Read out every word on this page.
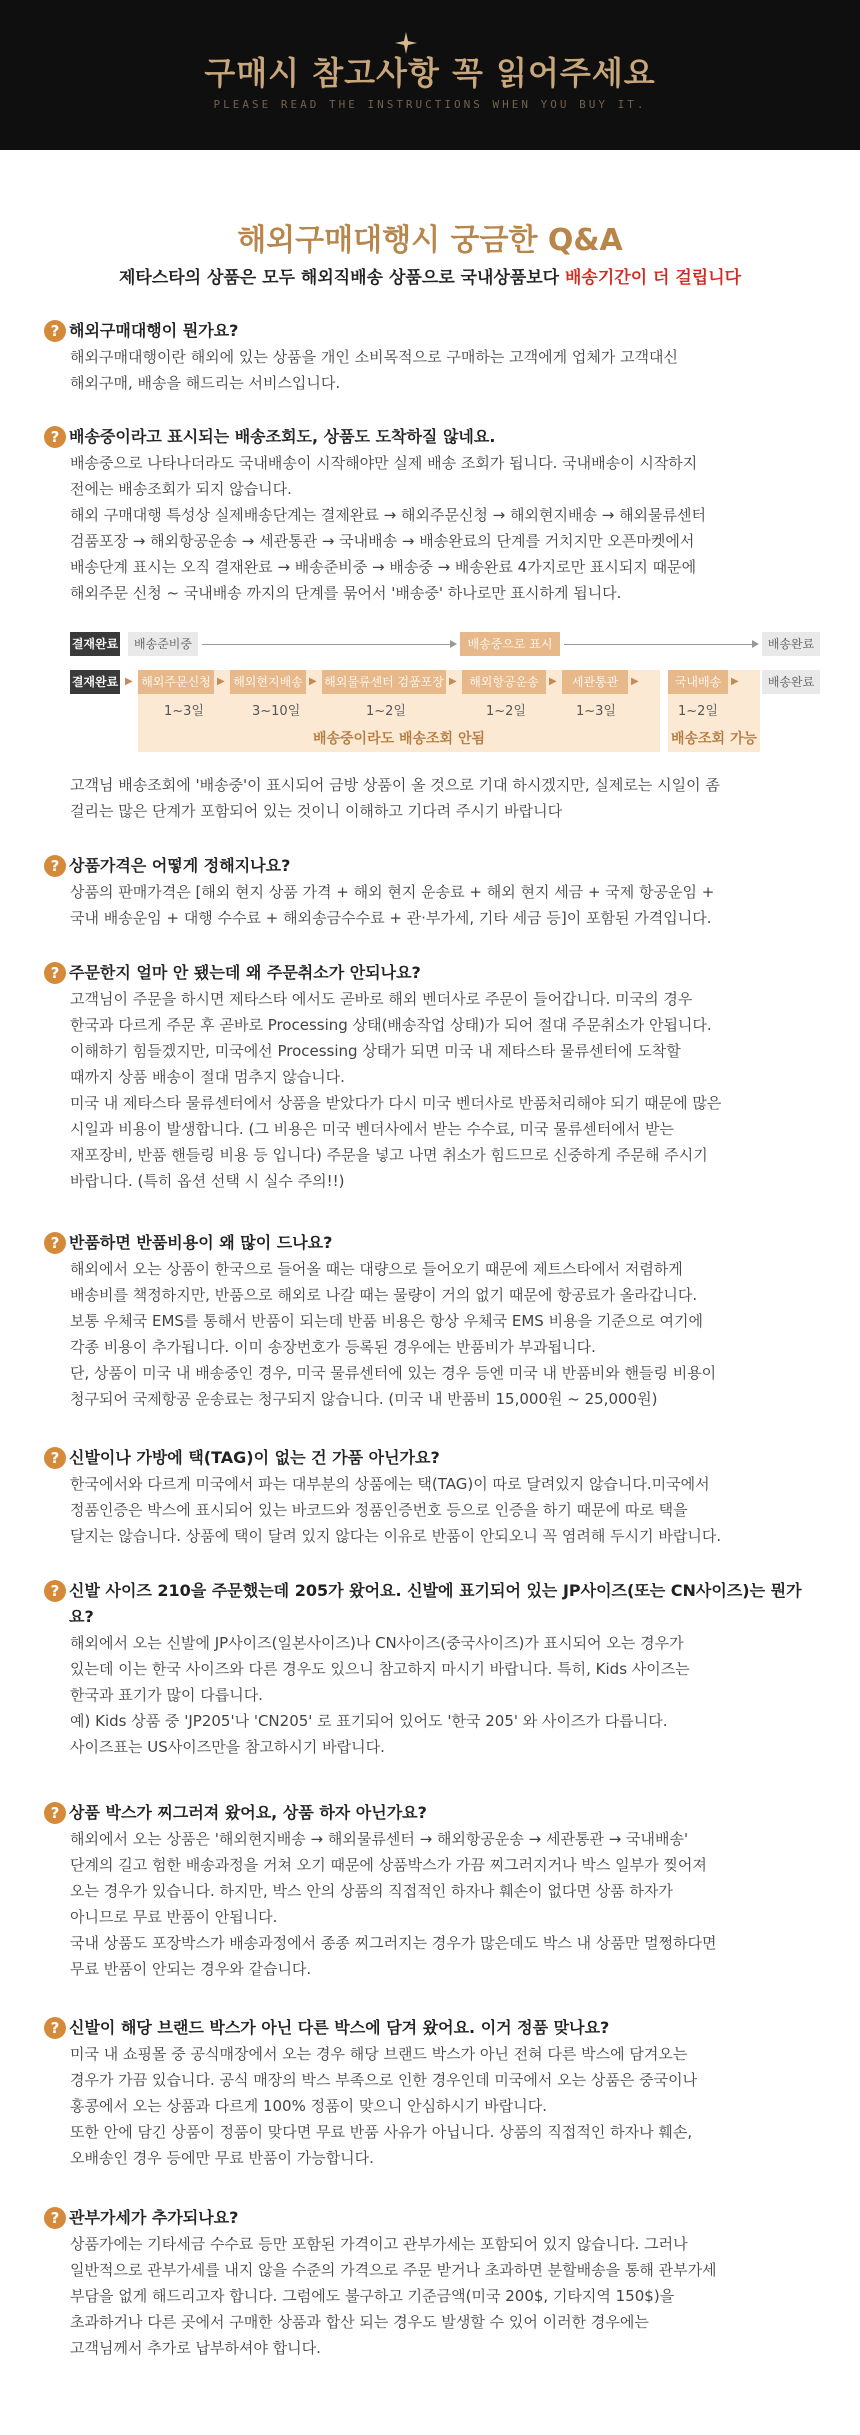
구매시 참고사항 꼭 읽어주세요
PLEASE READ THE INSTRUCTIONS WHEN YOU BUY IT.
해외구매대행시 궁금한 Q&A
제타스타의 상품은 모두 해외직배송 상품으로 국내상품보다 배송기간이 더 걸립니다
? 해외구매대행이 뭔가요?

해외구매대행이란 해외에 있는 상품을 개인 소비목적으로 구매하는 고객에게 업체가 고객대신

해외구매, 배송을 해드리는 서비스입니다.

? 배송중이라고 표시되는 배송조회도, 상품도 도착하질 않네요.

배송중으로 나타나더라도 국내배송이 시작해야만 실제 배송 조회가 됩니다. 국내배송이 시작하지

전에는 배송조회가 되지 않습니다.

해외 구매대행 특성상 실제배송단계는 결제완료 → 해외주문신청 → 해외현지배송 → 해외물류센터

검품포장 → 해외항공운송 → 세관통관 → 국내배송 → 배송완료의 단계를 거치지만 오픈마켓에서

배송단계 표시는 오직 결재완료 → 배송준비중 → 배송중 → 배송완료 4가지로만 표시되지 때문에

해외주문 신청 ~ 국내배송 까지의 단계를 묶어서 '배송중' 하나로만 표시하게 됩니다.

결재완료	배송준비중	배송중으로 표시	배송완료
결재완료 ▶ 해외주문신청 ▶ 해외현지배송 ▶ 해외물류센터 검품포장 ▶	해외항공운송	▶	세관통관	▶	국내배송 ▶	배송완료
1~3일	3~10일	1~2일	1~2일	1~3일	1~2일
배송중이라도 배송조회 안됨	배송조회 가능

고객님 배송조회에 '배송중'이 표시되어 금방 상품이 올 것으로 기대 하시겠지만, 실제로는 시일이 좀

걸리는 많은 단계가 포함되어 있는 것이니 이해하고 기다려 주시기 바랍니다

? 상품가격은 어떻게 정해지나요?

상품의 판매가격은 [해외 현지 상품 가격 + 해외 현지 운송료 + 해외 현지 세금 + 국제 항공운임 +

국내 배송운임 + 대행 수수료 + 해외송금수수료 + 관·부가세, 기타 세금 등]이 포함된 가격입니다.

? 주문한지 얼마 안 됐는데 왜 주문취소가 안되나요?

고객님이 주문을 하시면 제타스타 에서도 곧바로 해외 벤더사로 주문이 들어갑니다. 미국의 경우

한국과 다르게 주문 후 곧바로 Processing 상태(배송작업 상태)가 되어 절대 주문취소가 안됩니다.

이해하기 힘들겠지만, 미국에선 Processing 상태가 되면 미국 내 제타스타 물류센터에 도착할

때까지 상품 배송이 절대 멈추지 않습니다.

미국 내 제타스타 물류센터에서 상품을 받았다가 다시 미국 벤더사로 반품처리해야 되기 때문에 많은

시일과 비용이 발생합니다. (그 비용은 미국 벤더사에서 받는 수수료, 미국 물류센터에서 받는

재포장비, 반품 핸들링 비용 등 입니다) 주문을 넣고 나면 취소가 힘드므로 신중하게 주문해 주시기

바랍니다. (특히 옵션 선택 시 실수 주의!!)

? 반품하면 반품비용이 왜 많이 드나요?

해외에서 오는 상품이 한국으로 들어올 때는 대량으로 들어오기 때문에 제트스타에서 저렴하게

배송비를 책정하지만, 반품으로 해외로 나갈 때는 물량이 거의 없기 때문에 항공료가 올라갑니다.

보통 우체국 EMS를 통해서 반품이 되는데 반품 비용은 항상 우체국 EMS 비용을 기준으로 여기에

각종 비용이 추가됩니다. 이미 송장번호가 등록된 경우에는 반품비가 부과됩니다.

단, 상품이 미국 내 배송중인 경우, 미국 물류센터에 있는 경우 등엔 미국 내 반품비와 핸들링 비용이

청구되어 국제항공 운송료는 청구되지 않습니다. (미국 내 반품비 15,000원 ~ 25,000원)

? 신발이나 가방에 택(TAG)이 없는 건 가품 아닌가요?

한국에서와 다르게 미국에서 파는 대부분의 상품에는 택(TAG)이 따로 달려있지 않습니다.미국에서

정품인증은 박스에 표시되어 있는 바코드와 정품인증번호 등으로 인증을 하기 때문에 따로 택을

달지는 않습니다. 상품에 택이 달려 있지 않다는 이유로 반품이 안되오니 꼭 염려해 두시기 바랍니다.

? 신발 사이즈 210을 주문했는데 205가 왔어요. 신발에 표기되어 있는 JP사이즈(또는 CN사이즈)는 뭔가요?

해외에서 오는 신발에 JP사이즈(일본사이즈)나 CN사이즈(중국사이즈)가 표시되어 오는 경우가

있는데 이는 한국 사이즈와 다른 경우도 있으니 참고하지 마시기 바랍니다. 특히, Kids 사이즈는

한국과 표기가 많이 다릅니다.

예) Kids 상품 중 'JP205'나 'CN205' 로 표기되어 있어도 '한국 205' 와 사이즈가 다릅니다.

사이즈표는 US사이즈만을 참고하시기 바랍니다.

? 상품 박스가 찌그러져 왔어요, 상품 하자 아닌가요?

해외에서 오는 상품은 '해외현지배송 → 해외물류센터 → 해외항공운송 → 세관통관 → 국내배송'

단계의 길고 험한 배송과정을 거쳐 오기 때문에 상품박스가 가끔 찌그러지거나 박스 일부가 찢어져

오는 경우가 있습니다. 하지만, 박스 안의 상품의 직접적인 하자나 훼손이 없다면 상품 하자가

아니므로 무료 반품이 안됩니다.

국내 상품도 포장박스가 배송과정에서 종종 찌그러지는 경우가 많은데도 박스 내 상품만 멀쩡하다면

무료 반품이 안되는 경우와 같습니다.

? 신발이 해당 브랜드 박스가 아닌 다른 박스에 담겨 왔어요. 이거 정품 맞나요?

미국 내 쇼핑몰 중 공식매장에서 오는 경우 해당 브랜드 박스가 아닌 전혀 다른 박스에 담겨오는

경우가 가끔 있습니다. 공식 매장의 박스 부족으로 인한 경우인데 미국에서 오는 상품은 중국이나

홍콩에서 오는 상품과 다르게 100% 정품이 맞으니 안심하시기 바랍니다.

또한 안에 담긴 상품이 정품이 맞다면 무료 반품 사유가 아닙니다. 상품의 직접적인 하자나 훼손,

오배송인 경우 등에만 무료 반품이 가능합니다.

? 관부가세가 추가되나요?

상품가에는 기타세금 수수료 등만 포함된 가격이고 관부가세는 포함되어 있지 않습니다. 그러나

일반적으로 관부가세를 내지 않을 수준의 가격으로 주문 받거나 초과하면 분할배송을 통해 관부가세

부담을 없게 해드리고자 합니다. 그럼에도 불구하고 기준금액(미국 200$, 기타지역 150$)을

초과하거나 다른 곳에서 구매한 상품과 합산 되는 경우도 발생할 수 있어 이러한 경우에는

고객님께서 추가로 납부하셔야 합니다.
